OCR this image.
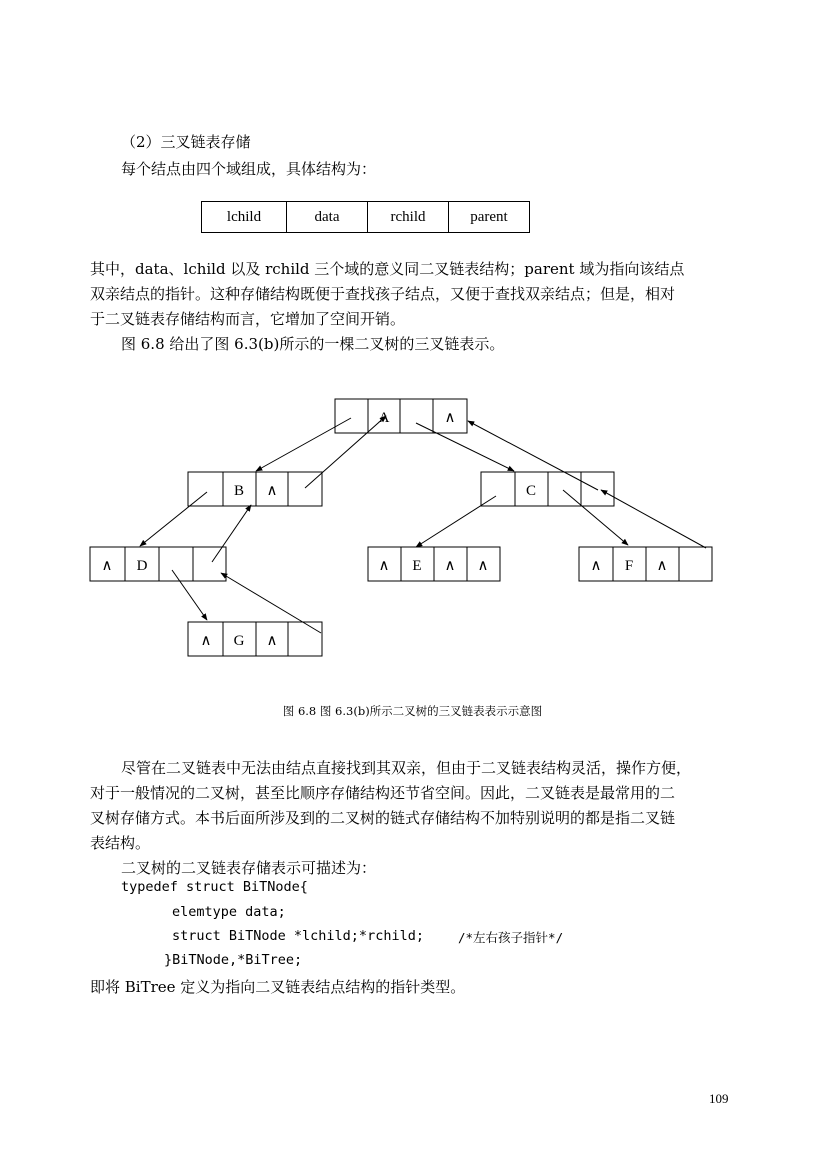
（2）三叉链表存储
每个结点由四个域组成，具体结构为：
lchild	data	rchild	parent
其中，data、lchild 以及 rchild 三个域的意义同二叉链表结构；parent 域为指向该结点
双亲结点的指针。这种存储结构既便于查找孩子结点，又便于查找双亲结点；但是，相对
于二叉链表存储结构而言，它增加了空间开销。
图 6.8 给出了图 6.3(b)所示的一棵二叉树的三叉链表示。
A	∧
B ∧	C
∧ D	∧ E ∧ ∧	∧ F ∧
∧ G ∧
图 6.8 图 6.3(b)所示二叉树的三叉链表表示示意图
尽管在二叉链表中无法由结点直接找到其双亲，但由于二叉链表结构灵活，操作方便，
对于一般情况的二叉树，甚至比顺序存储结构还节省空间。因此，二叉链表是最常用的二
叉树存储方式。本书后面所涉及到的二叉树的链式存储结构不加特别说明的都是指二叉链
表结构。
二叉树的二叉链表存储表示可描述为：
typedef struct BiTNode{
elemtype data;
struct BiTNode *lchild;*rchild;	/*左右孩子指针*/
}BiTNode,*BiTree;
即将 BiTree 定义为指向二叉链表结点结构的指针类型。
109
